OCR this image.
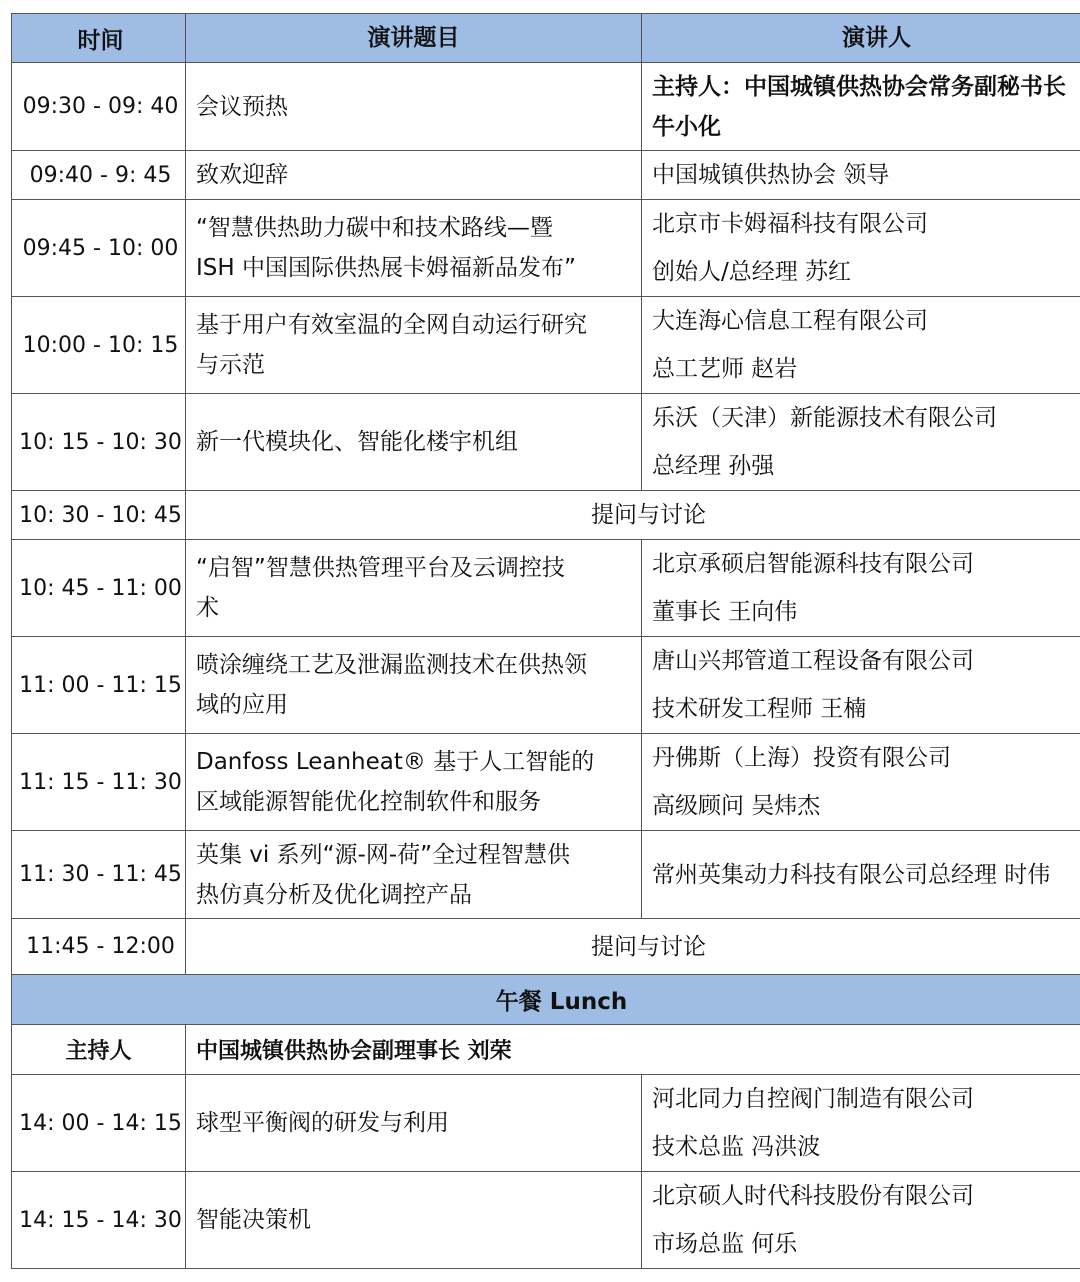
时间	演讲题目	演讲人
09:30 - 09: 40	会议预热	主持人：中国城镇供热协会常务副秘书长
牛小化

09:40 - 9: 45	致欢迎辞	中国城镇供热协会 领导

09:45 - 10: 00	“智慧供热助力碳中和技术路线—暨
ISH 中国国际供热展卡姆福新品发布”	北京市卡姆福科技有限公司
创始人/总经理 苏红

10:00 - 10: 15	基于用户有效室温的全网自动运行研究
与示范	大连海心信息工程有限公司
总工艺师 赵岩

10: 15 - 10: 30	新一代模块化、智能化楼宇机组	乐沃（天津）新能源技术有限公司
总经理 孙强

10: 30 - 10: 45	提问与讨论	
10: 45 - 11: 00	“启智”智慧供热管理平台及云调控技
术	北京承硕启智能源科技有限公司
董事长 王向伟

11: 00 - 11: 15	喷涂缠绕工艺及泄漏监测技术在供热领
域的应用	唐山兴邦管道工程设备有限公司
技术研发工程师 王楠

11: 15 - 11: 30	Danfoss Leanheat® 基于人工智能的
区域能源智能优化控制软件和服务	丹佛斯（上海）投资有限公司
高级顾问 吴炜杰

11: 30 - 11: 45	英集 vi 系列“源-网-荷”全过程智慧供
热仿真分析及优化调控产品	常州英集动力科技有限公司总经理 时伟

11:45 - 12:00	提问与讨论	
午餐 Lunch		
主持人	中国城镇供热协会副理事长 刘荣	
14: 00 - 14: 15	球型平衡阀的研发与利用	河北同力自控阀门制造有限公司
技术总监 冯洪波

14: 15 - 14: 30	智能决策机	北京硕人时代科技股份有限公司
市场总监 何乐
